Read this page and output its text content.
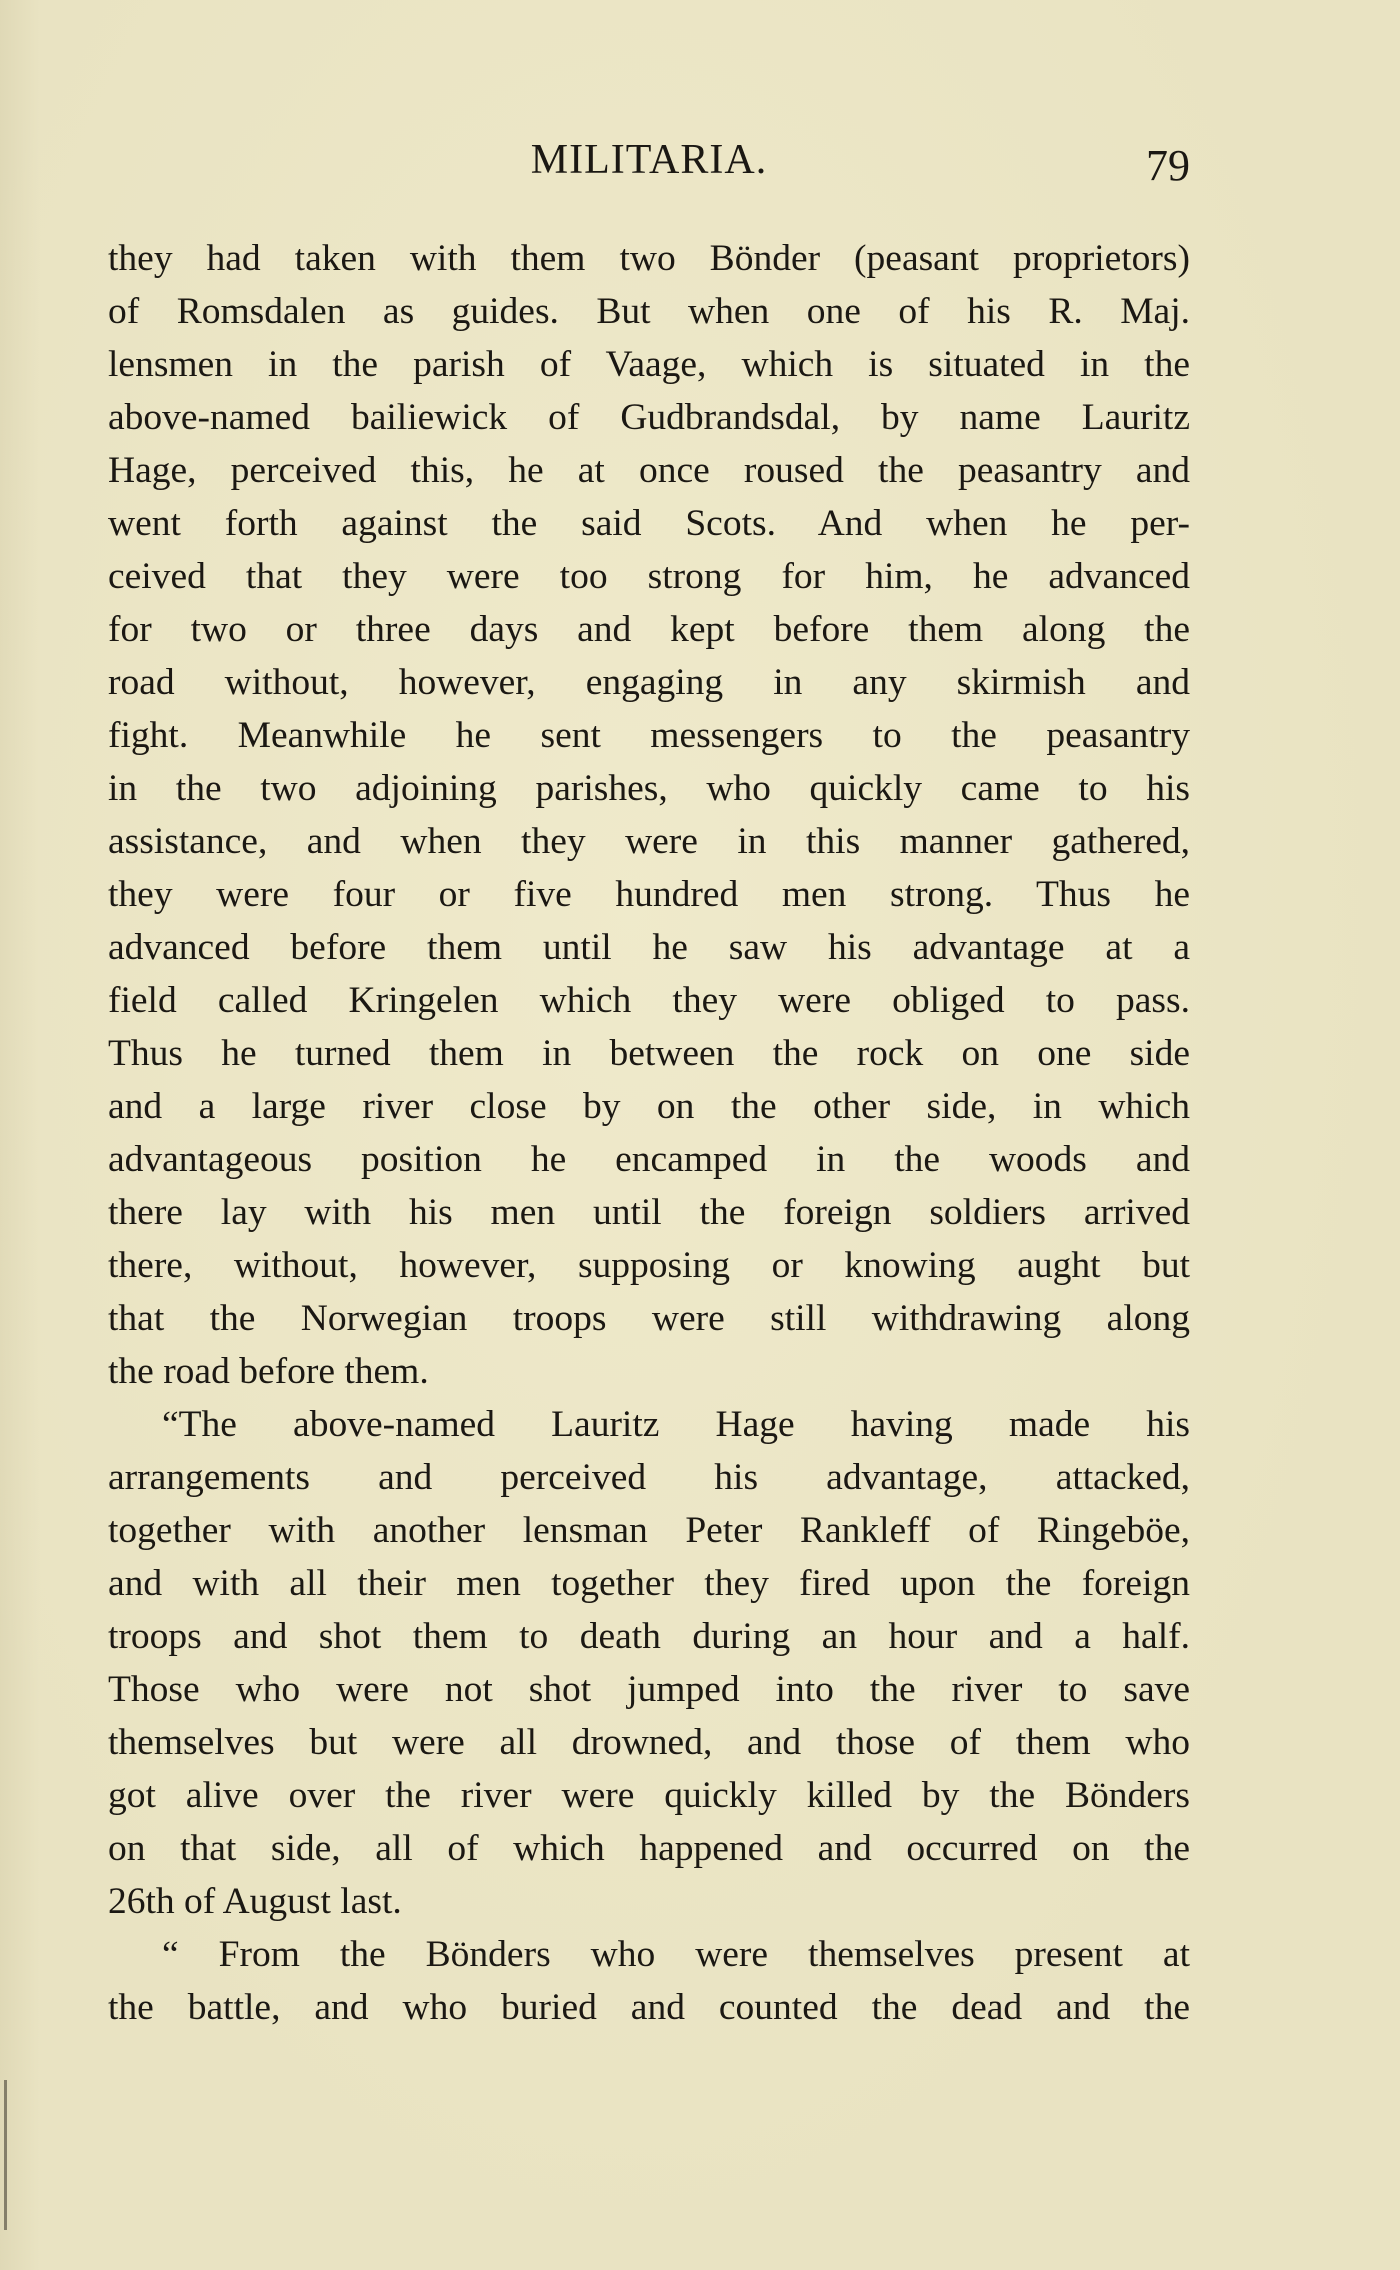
MILITARIA.	79
they had taken with them two Bönder (peasant proprietors)
of Romsdalen as guides. But when one of his R. Maj.
lensmen in the parish of Vaage, which is situated in the
above-named bailiewick of Gudbrandsdal, by name Lauritz
Hage, perceived this, he at once roused the peasantry and
went forth against the said Scots. And when he per-
ceived that they were too strong for him, he advanced
for two or three days and kept before them along the
road without, however, engaging in any skirmish and
fight. Meanwhile he sent messengers to the peasantry
in the two adjoining parishes, who quickly came to his
assistance, and when they were in this manner gathered,
they were four or five hundred men strong. Thus he
advanced before them until he saw his advantage at a
field called Kringelen which they were obliged to pass.
Thus he turned them in between the rock on one side
and a large river close by on the other side, in which
advantageous position he encamped in the woods and
there lay with his men until the foreign soldiers arrived
there, without, however, supposing or knowing aught but
that the Norwegian troops were still withdrawing along
the road before them.
“The above-named Lauritz Hage having made his
arrangements and perceived his advantage, attacked,
together with another lensman Peter Rankleff of Ringeböe,
and with all their men together they fired upon the foreign
troops and shot them to death during an hour and a half.
Those who were not shot jumped into the river to save
themselves but were all drowned, and those of them who
got alive over the river were quickly killed by the Bönders
on that side, all of which happened and occurred on the
26th of August last.
“ From the Bönders who were themselves present at
the battle, and who buried and counted the dead and the
